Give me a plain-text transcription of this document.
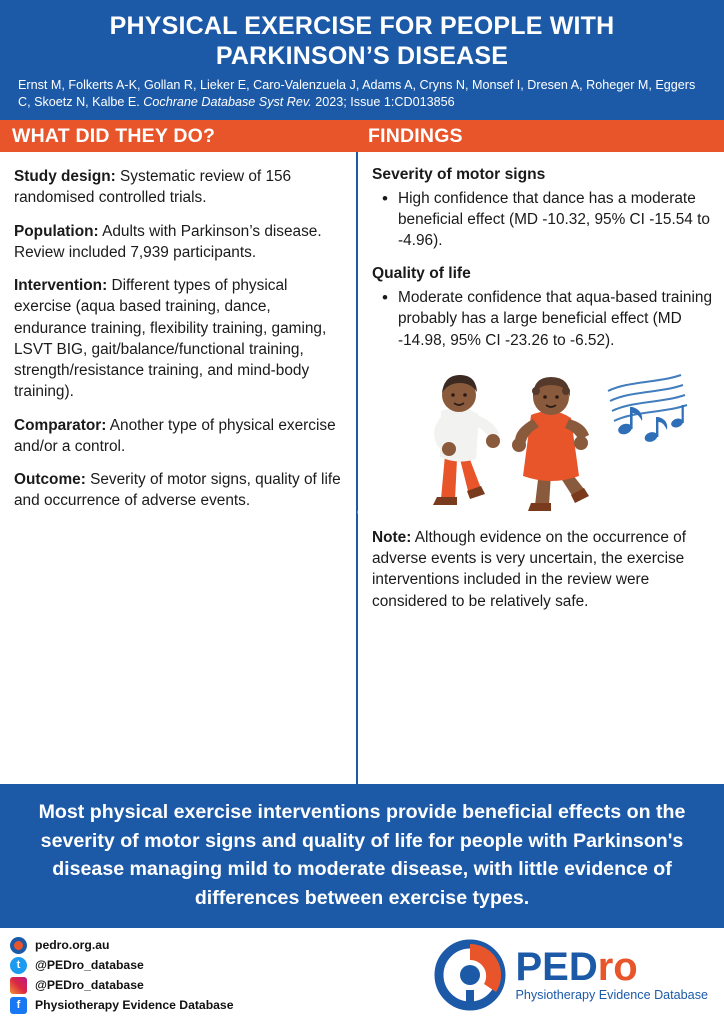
PHYSICAL EXERCISE FOR PEOPLE WITH PARKINSON’S DISEASE
Ernst M, Folkerts A-K, Gollan R, Lieker E, Caro-Valenzuela J, Adams A, Cryns N, Monsef I, Dresen A, Roheger M, Eggers C, Skoetz N, Kalbe E. Cochrane Database Syst Rev. 2023; Issue 1:CD013856
WHAT DID THEY DO?	FINDINGS
Study design: Systematic review of 156 randomised controlled trials.
Population: Adults with Parkinson’s disease. Review included 7,939 participants.
Intervention: Different types of physical exercise (aqua based training, dance, endurance training, flexibility training, gaming, LSVT BIG, gait/balance/functional training, strength/resistance training, and mind-body training).
Comparator: Another type of physical exercise and/or a control.
Outcome: Severity of motor signs, quality of life and occurrence of adverse events.
Severity of motor signs
• High confidence that dance has a moderate beneficial effect (MD -10.32, 95% CI -15.54 to -4.96).
Quality of life
• Moderate confidence that aqua-based training probably has a large beneficial effect (MD -14.98, 95% CI -23.26 to -6.52).
Note: Although evidence on the occurrence of adverse events is very uncertain, the exercise interventions included in the review were considered to be relatively safe.
Most physical exercise interventions provide beneficial effects on the severity of motor signs and quality of life for people with Parkinson's disease managing mild to moderate disease, with little evidence of differences between exercise types.
pedro.org.au
t	@PEDro_database
◉
@PEDro_database
f	Physiotherapy Evidence Database
PEDro
Physiotherapy Evidence Database
